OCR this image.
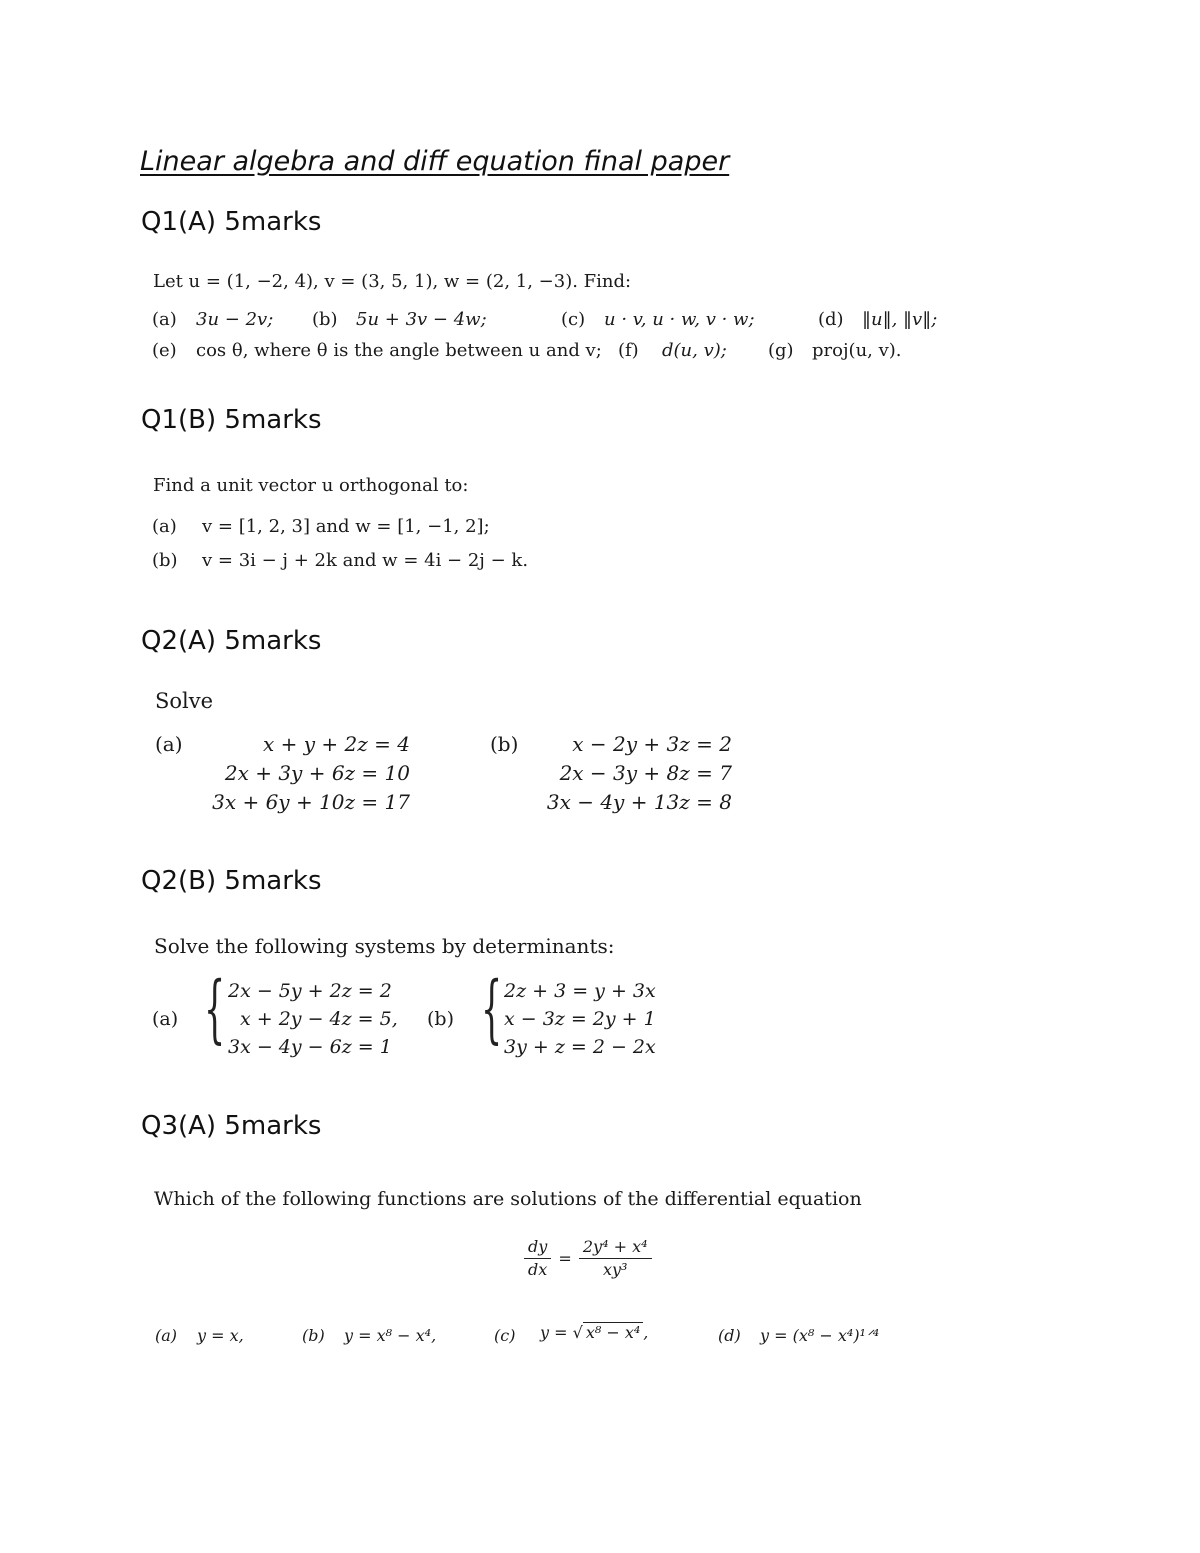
Linear algebra and diff equation final paper
Q1(A) 5marks
Let u = (1, −2, 4), v = (3, 5, 1), w = (2, 1, −3). Find:
(a) 3u − 2v; (b) 5u + 3v − 4w;	(c) u · v, u · w, v · w;	(d) ‖u‖, ‖v‖;
(e) cos θ, where θ is the angle between u and v; (f) d(u, v); (g) proj(u, v).
Q1(B) 5marks
Find a unit vector u orthogonal to:
(a) v = [1, 2, 3] and w = [1, −1, 2];
(b) v = 3i − j + 2k and w = 4i − 2j − k.
Q2(A) 5marks
Solve
(a)	x + y + 2z = 4
2x + 3y + 6z = 10
3x + 6y + 10z = 17
(b)	x − 2y + 3z = 2
2x − 3y + 8z = 7
3x − 4y + 13z = 8
Q2(B) 5marks
Solve the following systems by determinants:
(a) { 2x − 5y + 2z = 2
x + 2y − 4z = 5,
3x − 4y − 6z = 1
(b) { 2z + 3 = y + 3x
x − 3z = 2y + 1
3y + z = 2 − 2x
Q3(A) 5marks
Which of the following functions are solutions of the differential equation
$\frac{dy}{dx} = \frac{\text{2y⁴ + x⁴}}{\text{xy³}}$
(a) y = x,	(b) y = x⁸ − x⁴,	(c) y = √ x⁸ − x⁴ ,	(d) y = (x⁸ − x⁴)¹ᐟ⁴
